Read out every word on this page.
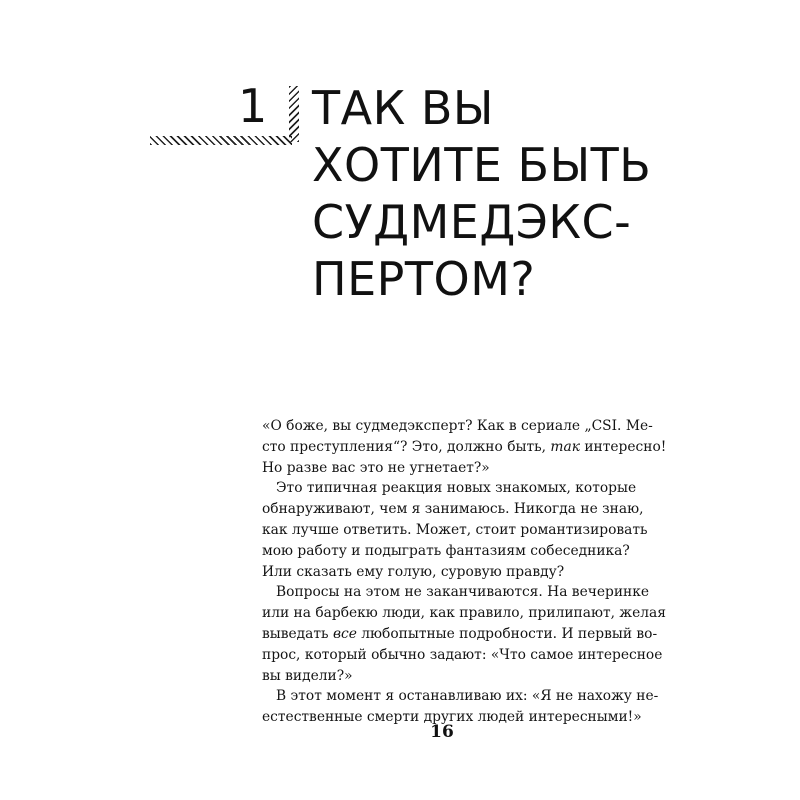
1 ТАК ВЫ
ХОТИТЕ БЫТЬ
СУДМЕДЭКС-
ПЕРТОМ?
«О боже, вы судмедэксперт? Как в сериале „CSI. Ме-
сто преступления“? Это, должно быть, так интересно!
Но разве вас это не угнетает?»
Это типичная реакция новых знакомых, которые
обнаруживают, чем я занимаюсь. Никогда не знаю,
как лучше ответить. Может, стоит романтизировать
мою работу и подыграть фантазиям собеседника?
Или сказать ему голую, суровую правду?
Вопросы на этом не заканчиваются. На вечеринке
или на барбекю люди, как правило, прилипают, желая
выведать все любопытные подробности. И первый во-
прос, который обычно задают: «Что самое интересное
вы видели?»
В этот момент я останавливаю их: «Я не нахожу не-
естественные смерти других людей интересными!»
16
